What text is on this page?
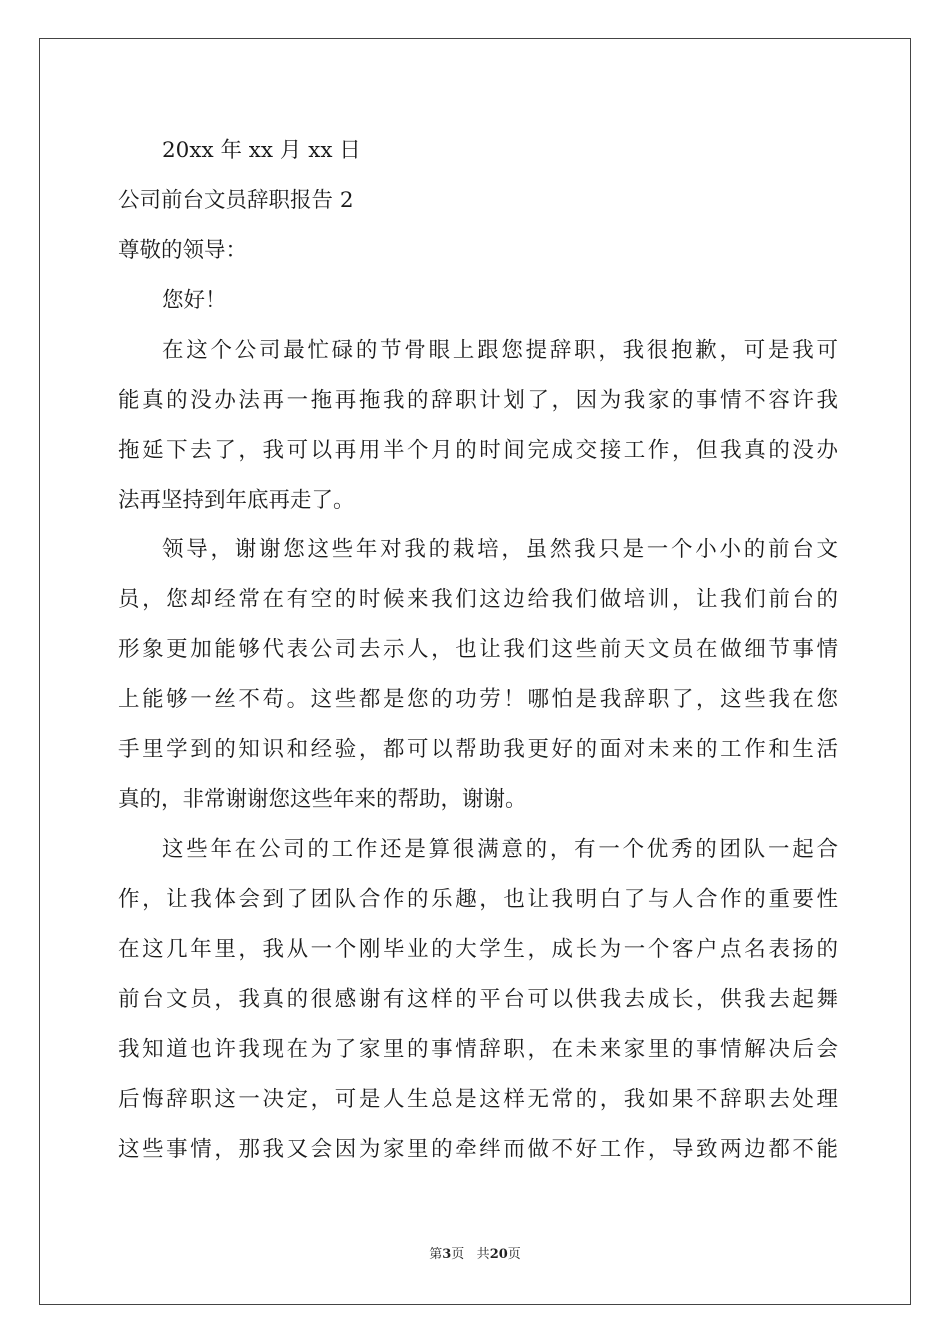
20xx 年 xx 月 xx 日
公司前台文员辞职报告 2
尊敬的领导：
您好！
在这个公司最忙碌的节骨眼上跟您提辞职，我很抱歉，可是我可
能真的没办法再一拖再拖我的辞职计划了，因为我家的事情不容许我
拖延下去了，我可以再用半个月的时间完成交接工作，但我真的没办
法再坚持到年底再走了。
领导，谢谢您这些年对我的栽培，虽然我只是一个小小的前台文
员，您却经常在有空的时候来我们这边给我们做培训，让我们前台的
形象更加能够代表公司去示人，也让我们这些前天文员在做细节事情
上能够一丝不苟。这些都是您的功劳！哪怕是我辞职了，这些我在您
手里学到的知识和经验，都可以帮助我更好的面对未来的工作和生活
真的，非常谢谢您这些年来的帮助，谢谢。
这些年在公司的工作还是算很满意的，有一个优秀的团队一起合
作，让我体会到了团队合作的乐趣，也让我明白了与人合作的重要性
在这几年里，我从一个刚毕业的大学生，成长为一个客户点名表扬的
前台文员，我真的很感谢有这样的平台可以供我去成长，供我去起舞
我知道也许我现在为了家里的事情辞职，在未来家里的事情解决后会
后悔辞职这一决定，可是人生总是这样无常的，我如果不辞职去处理
这些事情，那我又会因为家里的牵绊而做不好工作，导致两边都不能
第3页 共20页
